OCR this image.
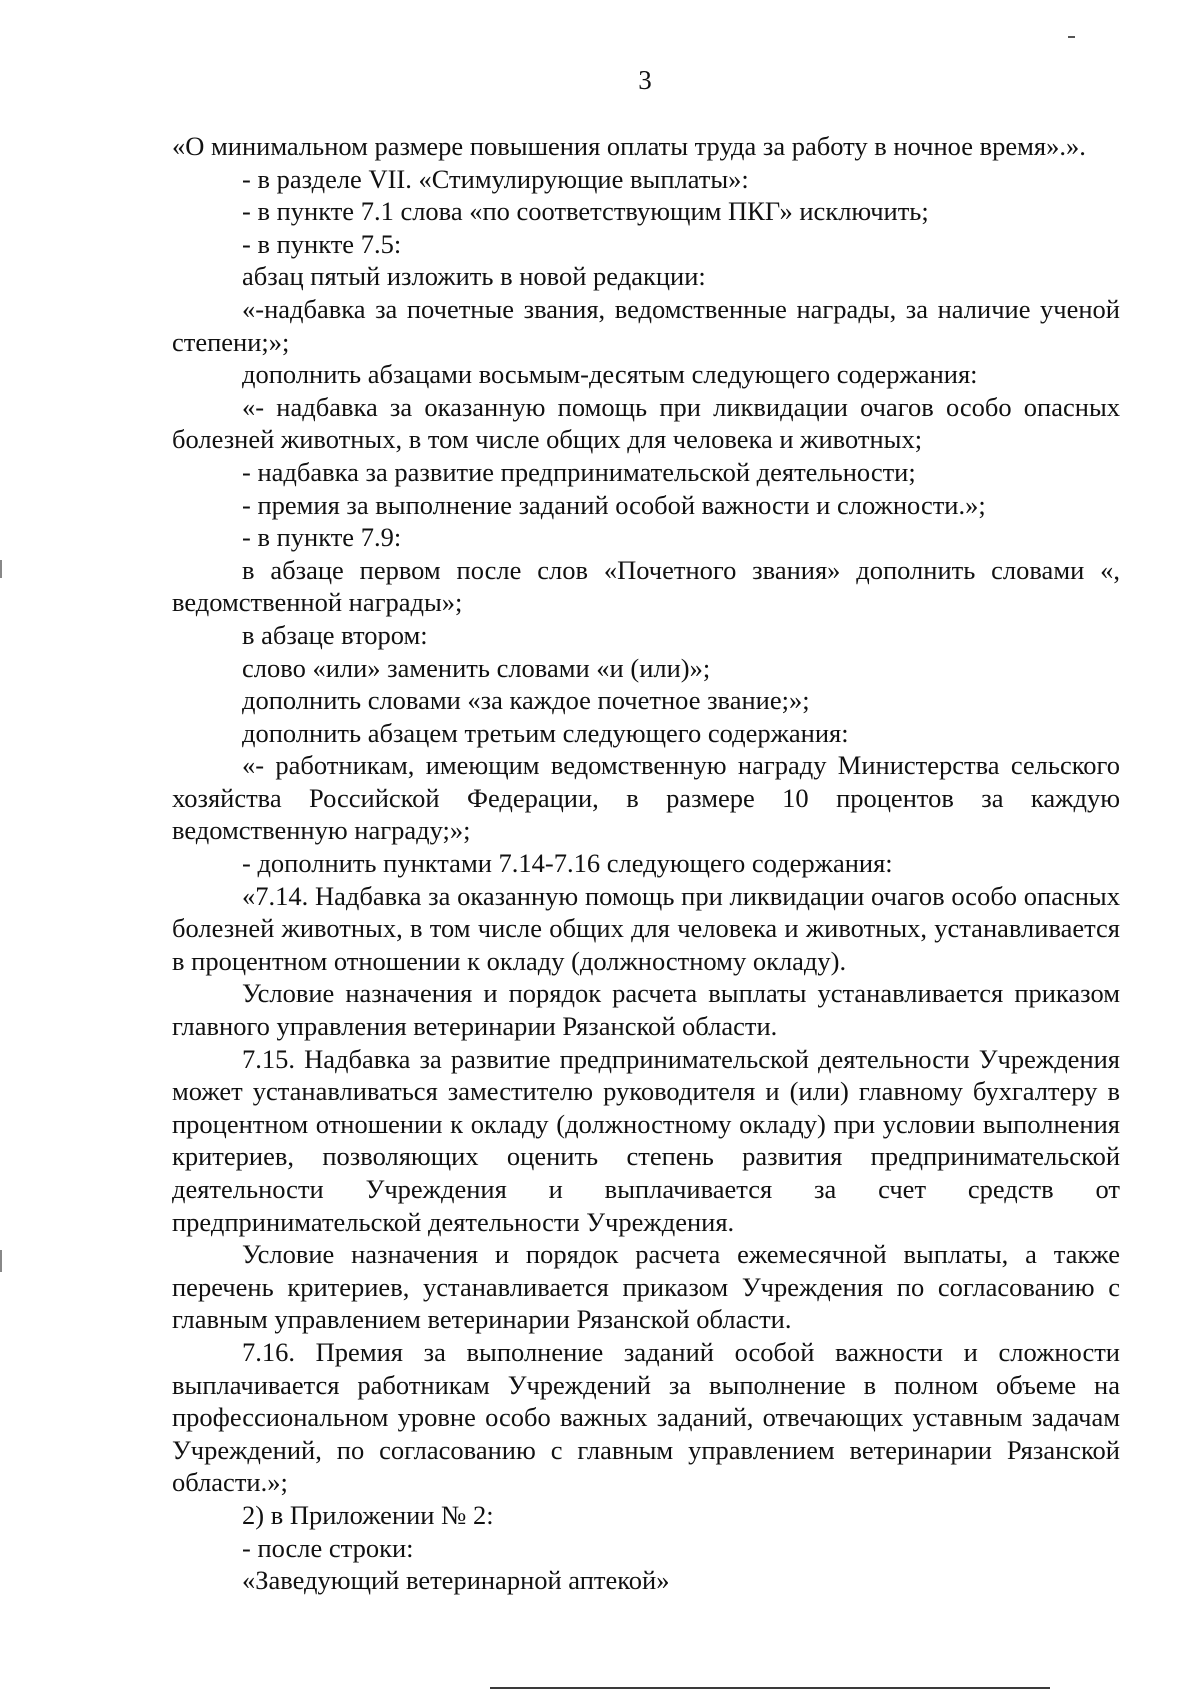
3

«О минимальном размере повышения оплаты труда за работу в ночное время».».

- в разделе VII. «Стимулирующие выплаты»:

- в пункте 7.1 слова «по соответствующим ПКГ» исключить;

- в пункте 7.5:

абзац пятый изложить в новой редакции:

«-надбавка за почетные звания, ведомственные награды, за наличие ученой степени;»;

дополнить абзацами восьмым-десятым следующего содержания:

«- надбавка за оказанную помощь при ликвидации очагов особо опасных болезней животных, в том числе общих для человека и животных;

- надбавка за развитие предпринимательской деятельности;

- премия за выполнение заданий особой важности и сложности.»;

- в пункте 7.9:

в абзаце первом после слов «Почетного звания» дополнить словами «, ведомственной награды»;

в абзаце втором:

слово «или» заменить словами «и (или)»;

дополнить словами «за каждое почетное звание;»;

дополнить абзацем третьим следующего содержания:

«- работникам, имеющим ведомственную награду Министерства сельского хозяйства Российской Федерации, в размере 10 процентов за каждую ведомственную награду;»;

- дополнить пунктами 7.14-7.16 следующего содержания:

«7.14. Надбавка за оказанную помощь при ликвидации очагов особо опасных болезней животных, в том числе общих для человека и животных, устанавливается в процентном отношении к окладу (должностному окладу).

Условие назначения и порядок расчета выплаты устанавливается приказом главного управления ветеринарии Рязанской области.

7.15. Надбавка за развитие предпринимательской деятельности Учреждения может устанавливаться заместителю руководителя и (или) главному бухгалтеру в процентном отношении к окладу (должностному окладу) при условии выполнения критериев, позволяющих оценить степень развития предпринимательской деятельности Учреждения и выплачивается за счет средств от предпринимательской деятельности Учреждения.

Условие назначения и порядок расчета ежемесячной выплаты, а также перечень критериев, устанавливается приказом Учреждения по согласованию с главным управлением ветеринарии Рязанской области.

7.16. Премия за выполнение заданий особой важности и сложности выплачивается работникам Учреждений за выполнение в полном объеме на профессиональном уровне особо важных заданий, отвечающих уставным задачам Учреждений, по согласованию с главным управлением ветеринарии Рязанской области.»;

2) в Приложении № 2:

- после строки:

«Заведующий ветеринарной аптекой»
